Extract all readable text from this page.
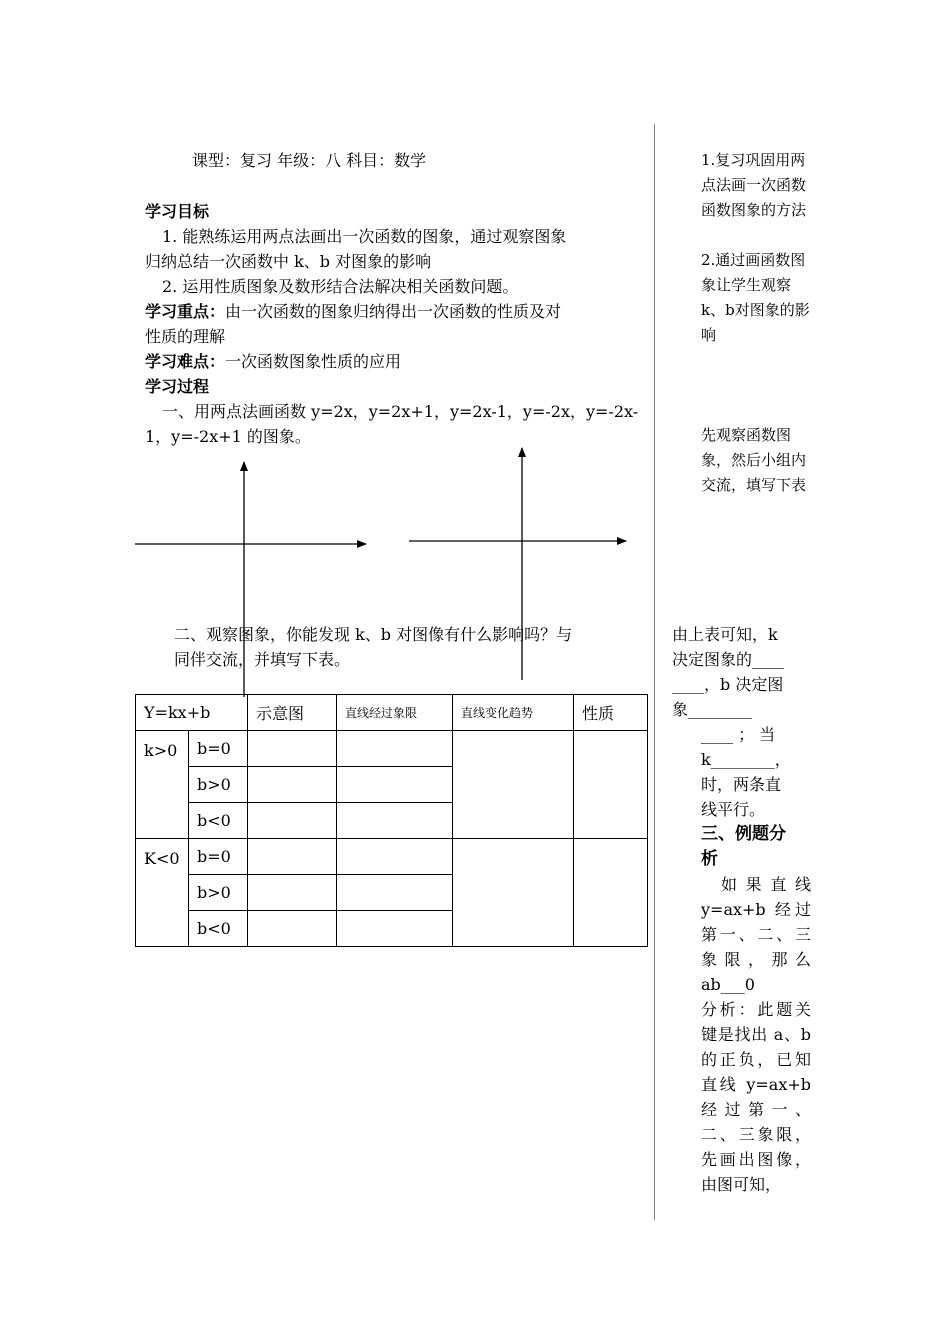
课型：复习 年级：八 科目：数学
学习目标
1. 能熟练运用两点法画出一次函数的图象，通过观察图象
归纳总结一次函数中 k、b 对图象的影响
2. 运用性质图象及数形结合法解决相关函数问题。
学习重点：由一次函数的图象归纳得出一次函数的性质及对
性质的理解
学习难点：一次函数图象性质的应用
学习过程
一、用两点法画函数 y=2x，y=2x+1，y=2x-1，y=-2x，y=-2x-
1，y=-2x+1 的图象。
二、观察图象，你能发现 k、b 对图像有什么影响吗？与
同伴交流，并填写下表。
Y=kx+b		示意图	直线经过象限	直线变化趋势	性质
k>0	b=0				
	b>0				
	b<0				
K<0	b=0				
	b>0				
	b<0				
1.复习巩固用两点法画一次函数函数图象的方法
2.通过画函数图象让学生观察k、b对图象的影响
先观察函数图象，然后小组内交流，填写下表
由上表可知，k
决定图象的____
____，b 决定图
象________
____ ； 当
k________，
时，两条直
线平行。
三、例题分
析
如果直线 y=ax+b 经过第一、二、三象限，那么 ab___0
分析：此题关键是找出 a、b 的正负，已知直线 y=ax+b 经过第一、二、三象限，先画出图像，由图可知，
